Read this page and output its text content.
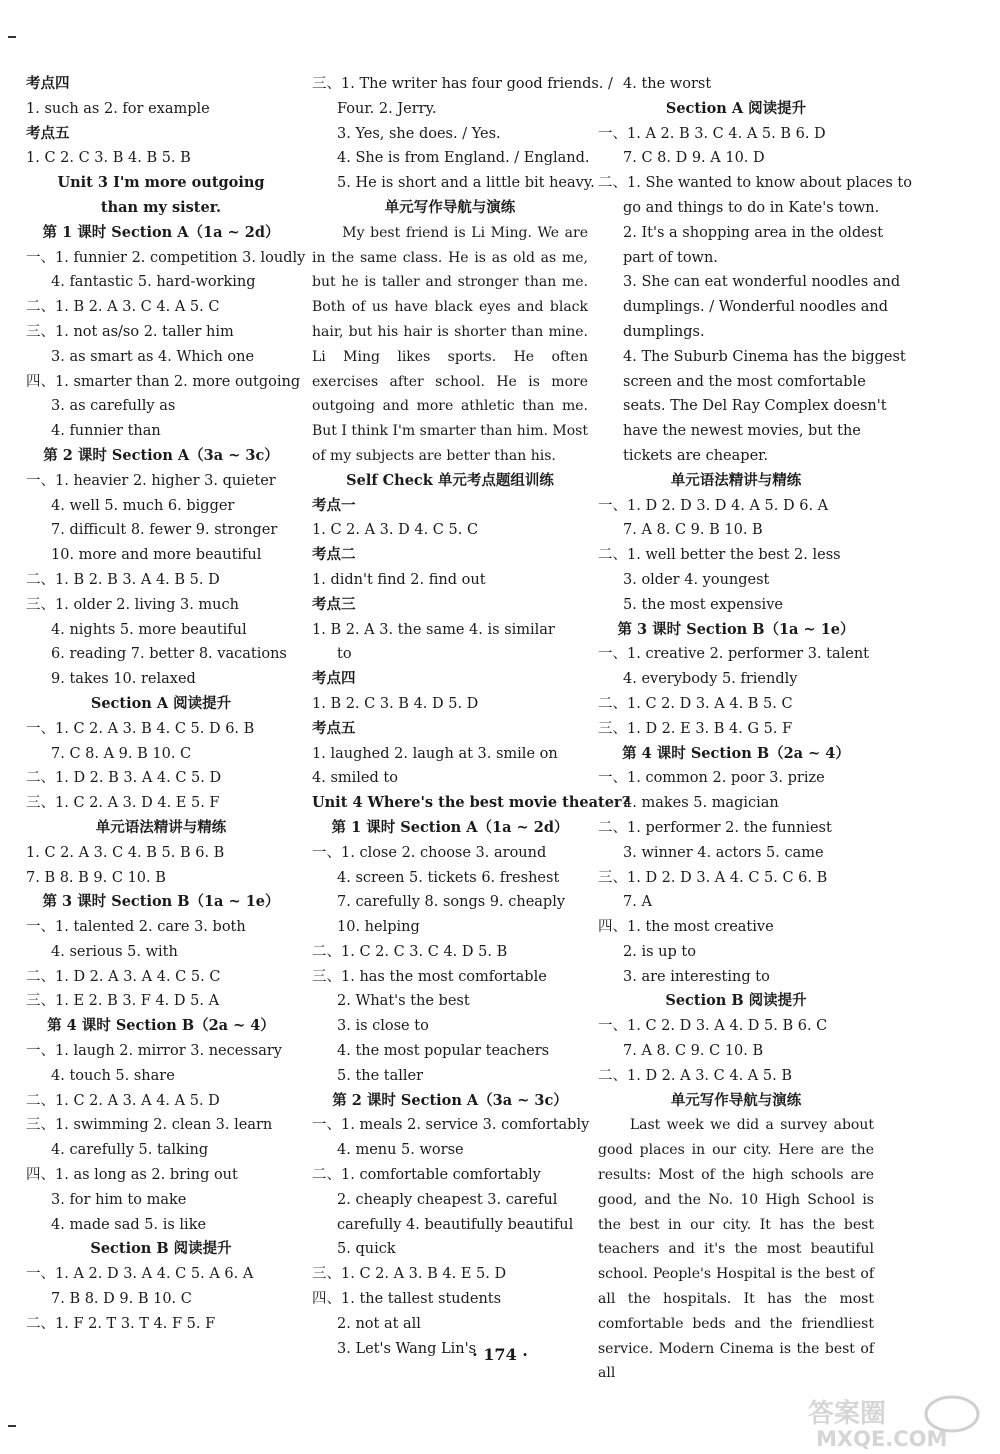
考点四
1. such as 2. for example
考点五
1. C 2. C 3. B 4. B 5. B
Unit 3 I'm more outgoing
than my sister.
第 1 课时 Section A（1a ~ 2d）
一、1. funnier 2. competition 3. loudly
4. fantastic 5. hard-working
二、1. B 2. A 3. C 4. A 5. C
三、1. not as/so 2. taller him
3. as smart as 4. Which one
四、1. smarter than 2. more outgoing
3. as carefully as
4. funnier than
第 2 课时 Section A（3a ~ 3c）
一、1. heavier 2. higher 3. quieter
4. well 5. much 6. bigger
7. difficult 8. fewer 9. stronger
10. more and more beautiful
二、1. B 2. B 3. A 4. B 5. D
三、1. older 2. living 3. much
4. nights 5. more beautiful
6. reading 7. better 8. vacations
9. takes 10. relaxed
Section A 阅读提升
一、1. C 2. A 3. B 4. C 5. D 6. B
7. C 8. A 9. B 10. C
二、1. D 2. B 3. A 4. C 5. D
三、1. C 2. A 3. D 4. E 5. F
单元语法精讲与精练
1. C 2. A 3. C 4. B 5. B 6. B
7. B 8. B 9. C 10. B
第 3 课时 Section B（1a ~ 1e）
一、1. talented 2. care 3. both
4. serious 5. with
二、1. D 2. A 3. A 4. C 5. C
三、1. E 2. B 3. F 4. D 5. A
第 4 课时 Section B（2a ~ 4）
一、1. laugh 2. mirror 3. necessary
4. touch 5. share
二、1. C 2. A 3. A 4. A 5. D
三、1. swimming 2. clean 3. learn
4. carefully 5. talking
四、1. as long as 2. bring out
3. for him to make
4. made sad 5. is like
Section B 阅读提升
一、1. A 2. D 3. A 4. C 5. A 6. A
7. B 8. D 9. B 10. C
二、1. F 2. T 3. T 4. F 5. F
三、1. The writer has four good friends. /
Four. 2. Jerry.
3. Yes, she does. / Yes.
4. She is from England. / England.
5. He is short and a little bit heavy.
单元写作导航与演练
　　My best friend is Li Ming. We are in the same class. He is as old as me, but he is taller and stronger than me. Both of us have black eyes and black hair, but his hair is shorter than mine. Li Ming likes sports. He often exercises after school. He is more outgoing and more athletic than me. But I think I'm smarter than him. Most of my subjects are better than his.
Self Check 单元考点题组训练
考点一
1. C 2. A 3. D 4. C 5. C
考点二
1. didn't find 2. find out
考点三
1. B 2. A 3. the same 4. is similar
to
考点四
1. B 2. C 3. B 4. D 5. D
考点五
1. laughed 2. laugh at 3. smile on
4. smiled to
Unit 4 Where's the best movie theater?
第 1 课时 Section A（1a ~ 2d）
一、1. close 2. choose 3. around
4. screen 5. tickets 6. freshest
7. carefully 8. songs 9. cheaply
10. helping
二、1. C 2. C 3. C 4. D 5. B
三、1. has the most comfortable
2. What's the best
3. is close to
4. the most popular teachers
5. the taller
第 2 课时 Section A（3a ~ 3c）
一、1. meals 2. service 3. comfortably
4. menu 5. worse
二、1. comfortable comfortably
2. cheaply cheapest 3. careful
carefully 4. beautifully beautiful
5. quick
三、1. C 2. A 3. B 4. E 5. D
四、1. the tallest students
2. not at all
3. Let's Wang Lin's
4. the worst
Section A 阅读提升
一、1. A 2. B 3. C 4. A 5. B 6. D
7. C 8. D 9. A 10. D
二、1. She wanted to know about places to
go and things to do in Kate's town.
2. It's a shopping area in the oldest
part of town.
3. She can eat wonderful noodles and
dumplings. / Wonderful noodles and
dumplings.
4. The Suburb Cinema has the biggest
screen and the most comfortable
seats. The Del Ray Complex doesn't
have the newest movies, but the
tickets are cheaper.
单元语法精讲与精练
一、1. D 2. D 3. D 4. A 5. D 6. A
7. A 8. C 9. B 10. B
二、1. well better the best 2. less
3. older 4. youngest
5. the most expensive
第 3 课时 Section B（1a ~ 1e）
一、1. creative 2. performer 3. talent
4. everybody 5. friendly
二、1. C 2. D 3. A 4. B 5. C
三、1. D 2. E 3. B 4. G 5. F
第 4 课时 Section B（2a ~ 4）
一、1. common 2. poor 3. prize
4. makes 5. magician
二、1. performer 2. the funniest
3. winner 4. actors 5. came
三、1. D 2. D 3. A 4. C 5. C 6. B
7. A
四、1. the most creative
2. is up to
3. are interesting to
Section B 阅读提升
一、1. C 2. D 3. A 4. D 5. B 6. C
7. A 8. C 9. C 10. B
二、1. D 2. A 3. C 4. A 5. B
单元写作导航与演练
　　Last week we did a survey about good places in our city. Here are the results: Most of the high schools are good, and the No. 10 High School is the best in our city. It has the best teachers and it's the most beautiful school. People's Hospital is the best of all the hospitals. It has the most comfortable beds and the friendliest service. Modern Cinema is the best of all
· 174 ·
答案圈
MXQE.COM
